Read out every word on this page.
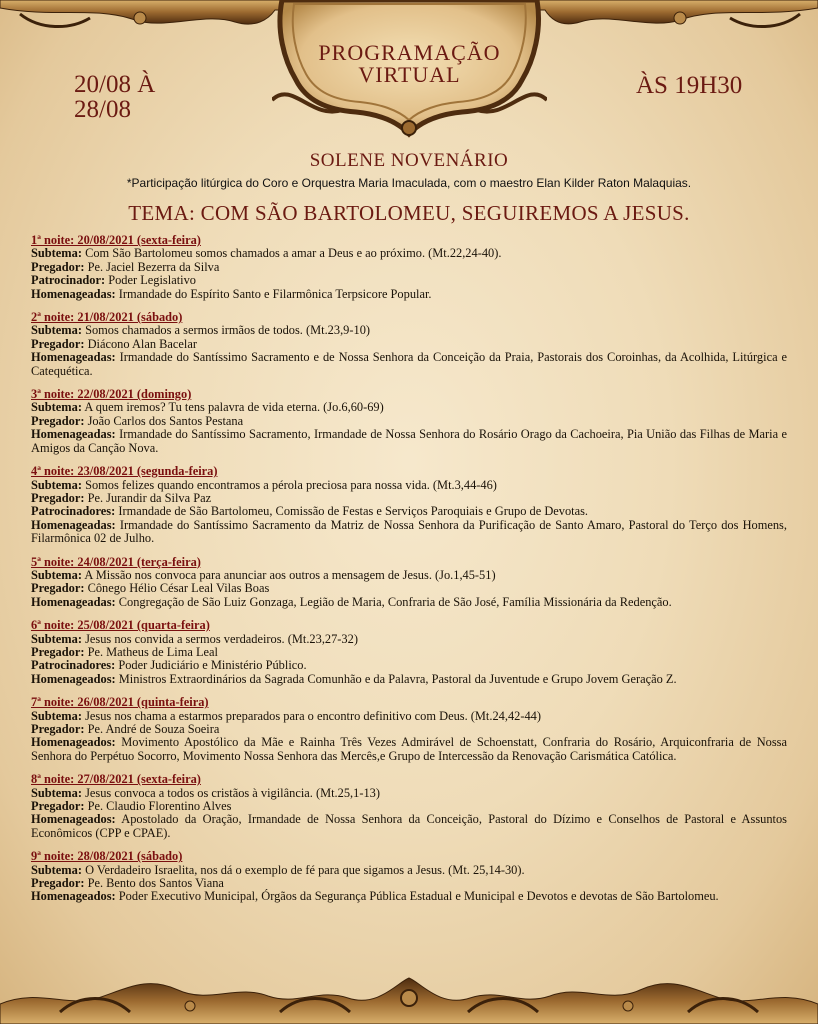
PROGRAMAÇÃO
VIRTUAL
20/08 À 28/08
ÀS 19H30
SOLENE NOVENÁRIO
*Participação litúrgica do Coro e Orquestra Maria Imaculada, com o maestro Elan Kilder Raton Malaquias.
TEMA: COM SÃO BARTOLOMEU, SEGUIREMOS A JESUS.

1ª noite: 20/08/2021 (sexta-feira)

Subtema: Com São Bartolomeu somos chamados a amar a Deus e ao próximo. (Mt.22,24-40).

Pregador: Pe. Jaciel Bezerra da Silva

Patrocinador: Poder Legislativo

Homenageadas: Irmandade do Espírito Santo e Filarmônica Terpsicore Popular.

2ª noite: 21/08/2021 (sábado)

Subtema: Somos chamados a sermos irmãos de todos. (Mt.23,9-10)

Pregador: Diácono Alan Bacelar

Homenageadas: Irmandade do Santíssimo Sacramento e de Nossa Senhora da Conceição da Praia, Pastorais dos Coroinhas, da Acolhida, Litúrgica e Catequética.

3ª noite: 22/08/2021 (domingo)

Subtema: A quem iremos? Tu tens palavra de vida eterna. (Jo.6,60-69)

Pregador: João Carlos dos Santos Pestana

Homenageadas: Irmandade do Santíssimo Sacramento, Irmandade de Nossa Senhora do Rosário Orago da Cachoeira, Pia União das Filhas de Maria e Amigos da Canção Nova.

4ª noite: 23/08/2021 (segunda-feira)

Subtema: Somos felizes quando encontramos a pérola preciosa para nossa vida. (Mt.3,44-46)

Pregador: Pe. Jurandir da Silva Paz

Patrocinadores: Irmandade de São Bartolomeu, Comissão de Festas e Serviços Paroquiais e Grupo de Devotas.

Homenageadas: Irmandade do Santíssimo Sacramento da Matriz de Nossa Senhora da Purificação de Santo Amaro, Pastoral do Terço dos Homens, Filarmônica 02 de Julho.

5ª noite: 24/08/2021 (terça-feira)

Subtema: A Missão nos convoca para anunciar aos outros a mensagem de Jesus. (Jo.1,45-51)

Pregador: Cônego Hélio César Leal Vilas Boas

Homenageadas: Congregação de São Luiz Gonzaga, Legião de Maria, Confraria de São José, Família Missionária da Redenção.

6ª noite: 25/08/2021 (quarta-feira)

Subtema: Jesus nos convida a sermos verdadeiros. (Mt.23,27-32)

Pregador: Pe. Matheus de Lima Leal

Patrocinadores: Poder Judiciário e Ministério Público.

Homenageados: Ministros Extraordinários da Sagrada Comunhão e da Palavra, Pastoral da Juventude e Grupo Jovem Geração Z.

7ª noite: 26/08/2021 (quinta-feira)

Subtema: Jesus nos chama a estarmos preparados para o encontro definitivo com Deus. (Mt.24,42-44)

Pregador: Pe. André de Souza Soeira

Homenageados: Movimento Apostólico da Mãe e Rainha Três Vezes Admirável de Schoenstatt, Confraria do Rosário, Arquiconfraria de Nossa Senhora do Perpétuo Socorro, Movimento Nossa Senhora das Mercês,e Grupo de Intercessão da Renovação Carismática Católica.

8ª noite: 27/08/2021 (sexta-feira)

Subtema: Jesus convoca a todos os cristãos à vigilância. (Mt.25,1-13)

Pregador: Pe. Claudio Florentino Alves

Homenageados: Apostolado da Oração, Irmandade de Nossa Senhora da Conceição, Pastoral do Dízimo e Conselhos de Pastoral e Assuntos Econômicos (CPP e CPAE).

9ª noite: 28/08/2021 (sábado)

Subtema: O Verdadeiro Israelita, nos dá o exemplo de fé para que sigamos a Jesus. (Mt. 25,14-30).

Pregador: Pe. Bento dos Santos Viana

Homenageados: Poder Executivo Municipal, Órgãos da Segurança Pública Estadual e Municipal e Devotos e devotas de São Bartolomeu.
